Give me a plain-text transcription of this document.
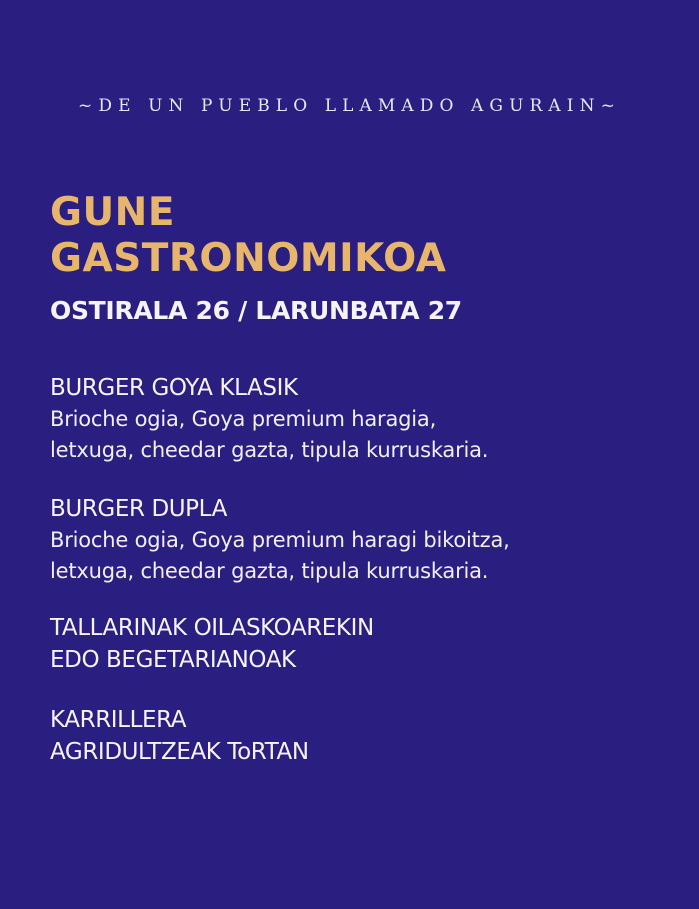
~DE UN PUEBLO LLAMADO AGURAIN~
GUNE
GASTRONOMIKOA
OSTIRALA 26 / LARUNBATA 27
BURGER GOYA KLASIK
Brioche ogia, Goya premium haragia,
letxuga, cheedar gazta, tipula kurruskaria.
BURGER DUPLA
Brioche ogia, Goya premium haragi bikoitza,
letxuga, cheedar gazta, tipula kurruskaria.
TALLARINAK OILASKOAREKIN
EDO BEGETARIANOAK
KARRILLERA
AGRIDULTZEAK ToRTAN
